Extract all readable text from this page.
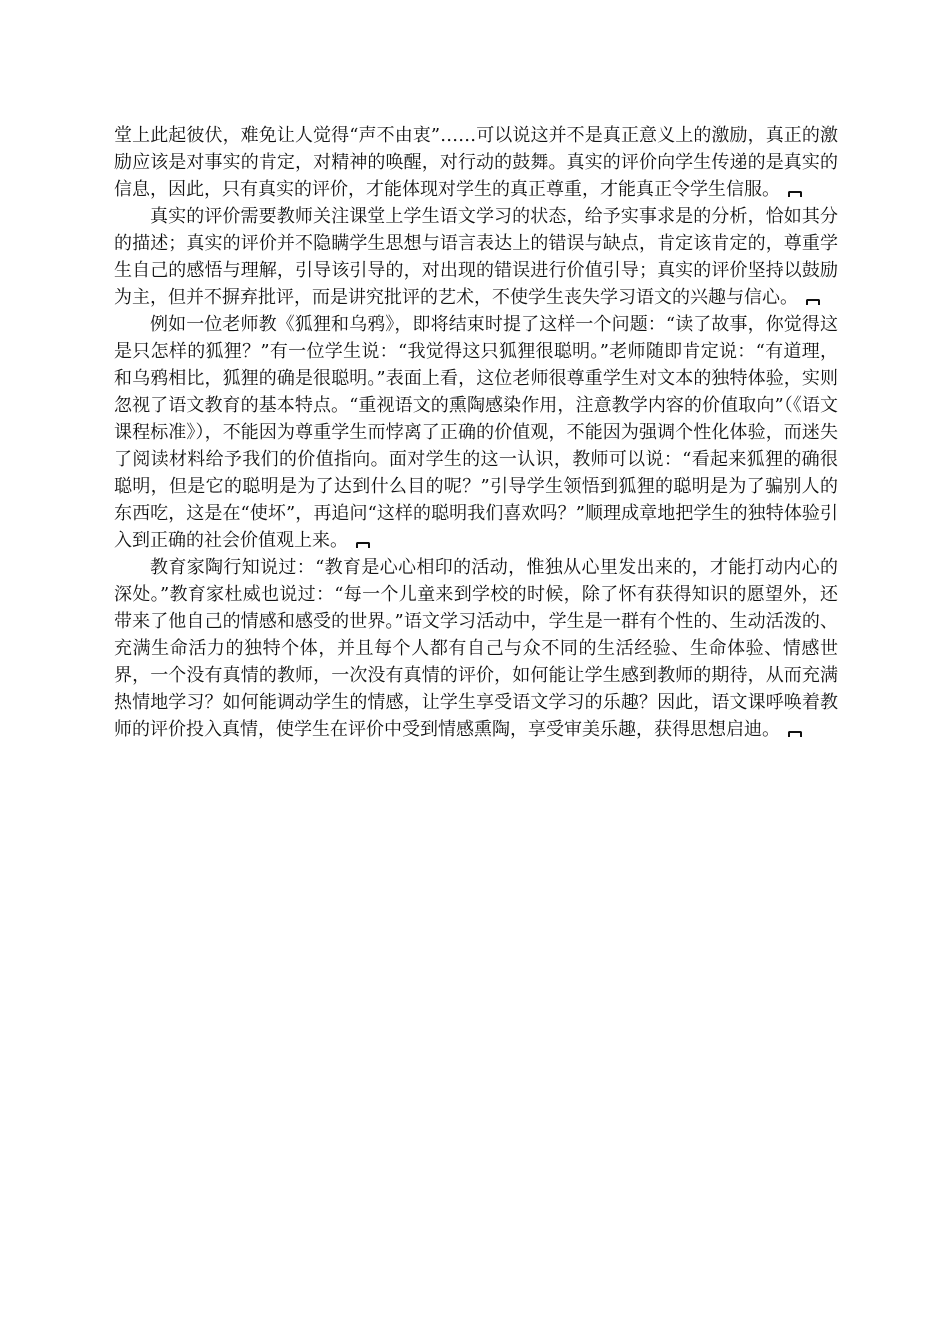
堂上此起彼伏，难免让人觉得“声不由衷”……可以说这并不是真正意义上的激励，真正的激励应该是对事实的肯定，对精神的唤醒，对行动的鼓舞。真实的评价向学生传递的是真实的信息，因此，只有真实的评价，才能体现对学生的真正尊重，才能真正令学生信服。

真实的评价需要教师关注课堂上学生语文学习的状态，给予实事求是的分析，恰如其分的描述；真实的评价并不隐瞒学生思想与语言表达上的错误与缺点，肯定该肯定的，尊重学生自己的感悟与理解，引导该引导的，对出现的错误进行价值引导；真实的评价坚持以鼓励为主，但并不摒弃批评，而是讲究批评的艺术，不使学生丧失学习语文的兴趣与信心。

例如一位老师教《狐狸和乌鸦》，即将结束时提了这样一个问题：“读了故事，你觉得这是只怎样的狐狸？”有一位学生说：“我觉得这只狐狸很聪明。”老师随即肯定说：“有道理，和乌鸦相比，狐狸的确是很聪明。”表面上看，这位老师很尊重学生对文本的独特体验，实则忽视了语文教育的基本特点。“重视语文的熏陶感染作用，注意教学内容的价值取向”（《语文课程标准》），不能因为尊重学生而悖离了正确的价值观，不能因为强调个性化体验，而迷失了阅读材料给予我们的价值指向。面对学生的这一认识，教师可以说：“看起来狐狸的确很聪明，但是它的聪明是为了达到什么目的呢？”引导学生领悟到狐狸的聪明是为了骗别人的东西吃，这是在“使坏”，再追问“这样的聪明我们喜欢吗？”顺理成章地把学生的独特体验引入到正确的社会价值观上来。

教育家陶行知说过：“教育是心心相印的活动，惟独从心里发出来的，才能打动内心的深处。”教育家杜威也说过：“每一个儿童来到学校的时候，除了怀有获得知识的愿望外，还带来了他自己的情感和感受的世界。”语文学习活动中，学生是一群有个性的、生动活泼的、充满生命活力的独特个体，并且每个人都有自己与众不同的生活经验、生命体验、情感世界，一个没有真情的教师，一次没有真情的评价，如何能让学生感到教师的期待，从而充满热情地学习？如何能调动学生的情感，让学生享受语文学习的乐趣？因此，语文课呼唤着教师的评价投入真情，使学生在评价中受到情感熏陶，享受审美乐趣，获得思想启迪。
